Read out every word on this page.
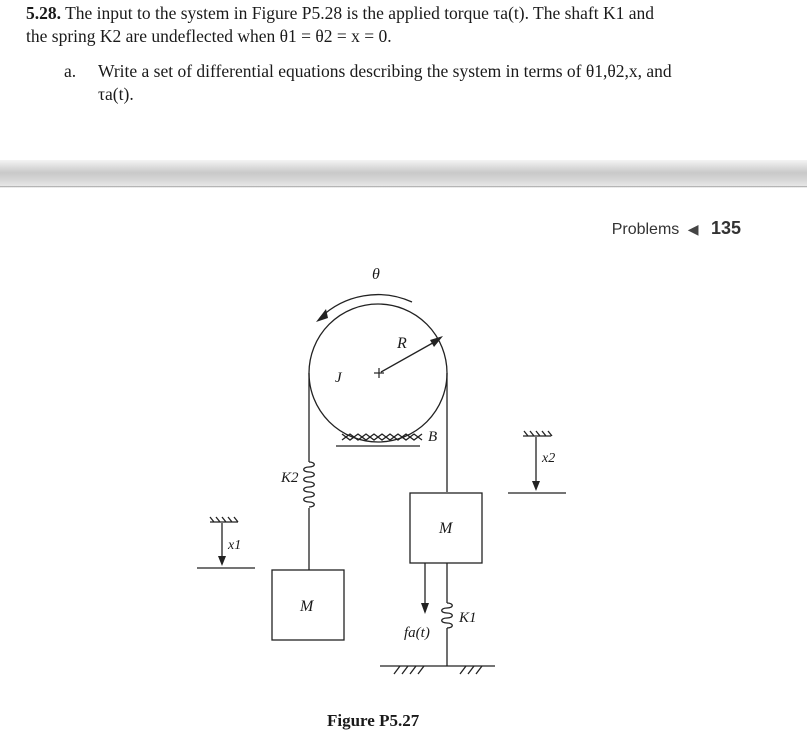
5.28. The input to the system in Figure P5.28 is the applied torque τa(t). The shaft K1 and
the spring K2 are undeflected when θ1 = θ2 = x = 0.
a. Write a set of differential equations describing the system in terms of θ1,θ2,x, and
τa(t).
Problems ◀ 135
θ
R
J
B
K2
K1
M
M
fa(t)
x1
x2
Figure P5.27
